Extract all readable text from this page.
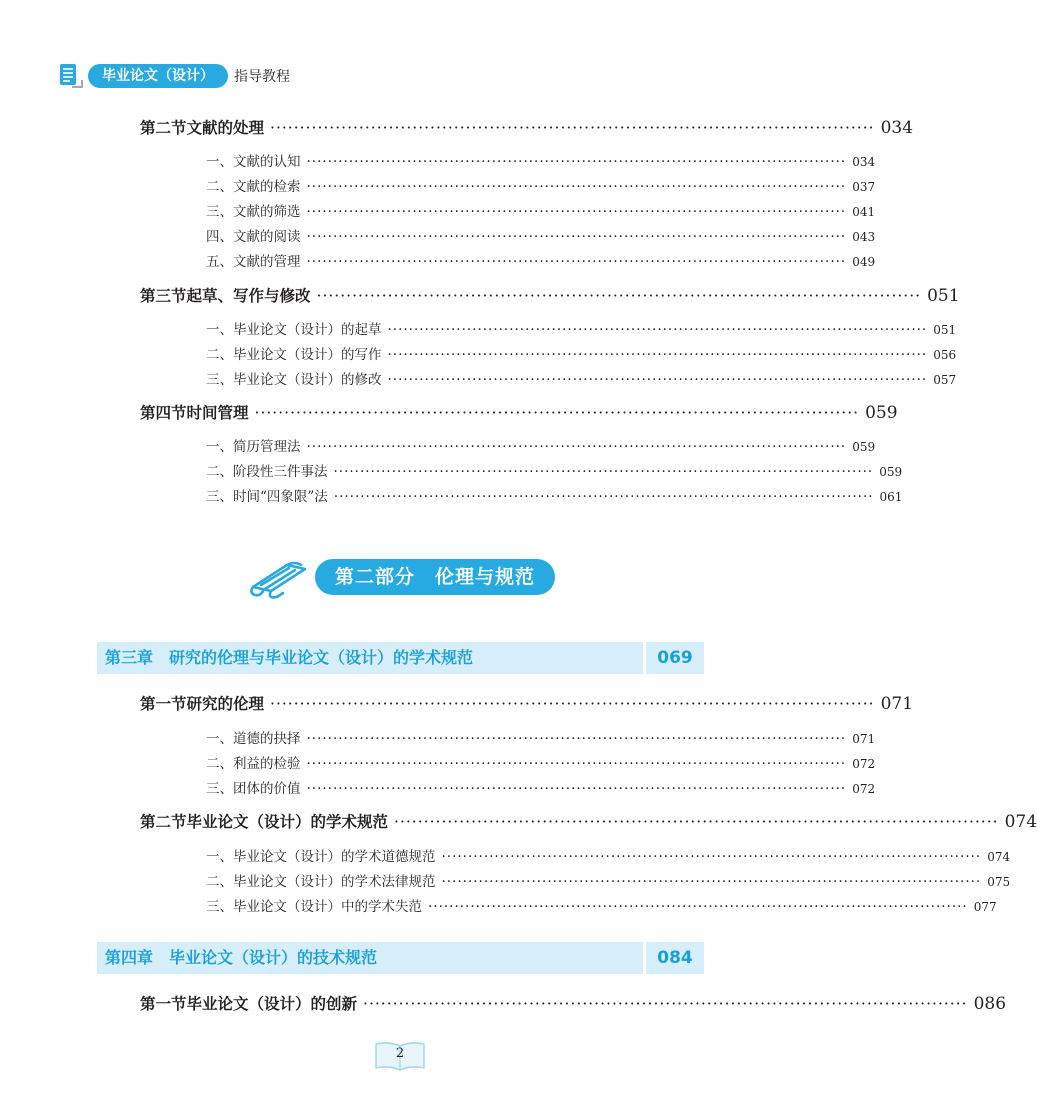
毕业论文（设计）	指导教程
第二节 文献的处理 ······································································································ 034
一、文献的认知 ······································································································ 034
二、文献的检索 ······································································································ 037
三、文献的筛选 ······································································································ 041
四、文献的阅读 ······································································································ 043
五、文献的管理 ······································································································ 049
第三节 起草、写作与修改 ······································································································ 051
一、毕业论文（设计）的起草 ······································································································ 051
二、毕业论文（设计）的写作 ······································································································ 056
三、毕业论文（设计）的修改 ······································································································ 057
第四节 时间管理 ······································································································ 059
一、简历管理法 ······································································································ 059
二、阶段性三件事法 ······································································································ 059
三、时间“四象限”法 ······································································································ 061
第二部分　伦理与规范
第三章　研究的伦理与毕业论文（设计）的学术规范	069
第一节 研究的伦理 ······································································································ 071
一、道德的抉择 ······································································································ 071
二、利益的检验 ······································································································ 072
三、团体的价值 ······································································································ 072
第二节 毕业论文（设计）的学术规范 ······································································································ 074
一、毕业论文（设计）的学术道德规范 ······································································································ 074
二、毕业论文（设计）的学术法律规范 ······································································································ 075
三、毕业论文（设计）中的学术失范 ······································································································ 077
第四章　毕业论文（设计）的技术规范	084
第一节 毕业论文（设计）的创新 ······································································································ 086
2
